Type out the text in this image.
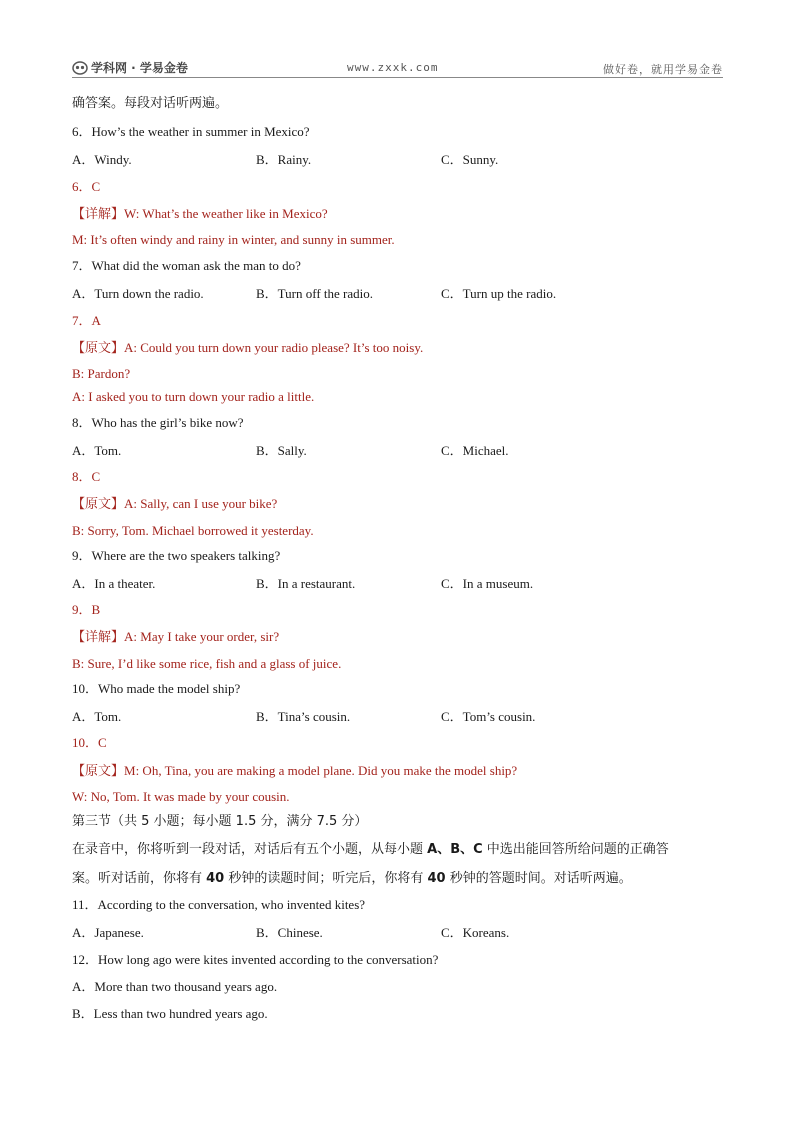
学科网 · 学易金卷	www.zxxk.com	做好卷，就用学易金卷
确答案。每段对话听两遍。
6．How’s the weather in summer in Mexico?
A．Windy.	B．Rainy.	C．Sunny.
6．C
【详解】W: What’s the weather like in Mexico?
M: It’s often windy and rainy in winter, and sunny in summer.
7．What did the woman ask the man to do?
A．Turn down the radio.	B．Turn off the radio.	C．Turn up the radio.
7．A
【原文】A: Could you turn down your radio please? It’s too noisy.
B: Pardon?
A: I asked you to turn down your radio a little.
8．Who has the girl’s bike now?
A．Tom.	B．Sally.	C．Michael.
8．C
【原文】A: Sally, can I use your bike?
B: Sorry, Tom. Michael borrowed it yesterday.
9．Where are the two speakers talking?
A．In a theater.	B．In a restaurant.	C．In a museum.
9．B
【详解】A: May I take your order, sir?
B: Sure, I’d like some rice, fish and a glass of juice.
10．Who made the model ship?
A．Tom.	B．Tina’s cousin.	C．Tom’s cousin.
10．C
【原文】M: Oh, Tina, you are making a model plane. Did you make the model ship?
W: No, Tom. It was made by your cousin.
第三节（共 5 小题；每小题 1.5 分，满分 7.5 分）
在录音中，你将听到一段对话，对话后有五个小题，从每小题 A、B、C 中选出能回答所给问题的正确答
案。听对话前，你将有 40 秒钟的读题时间；听完后，你将有 40 秒钟的答题时间。对话听两遍。
11．According to the conversation, who invented kites?
A．Japanese.	B．Chinese.	C．Koreans.
12．How long ago were kites invented according to the conversation?
A．More than two thousand years ago.
B．Less than two hundred years ago.
